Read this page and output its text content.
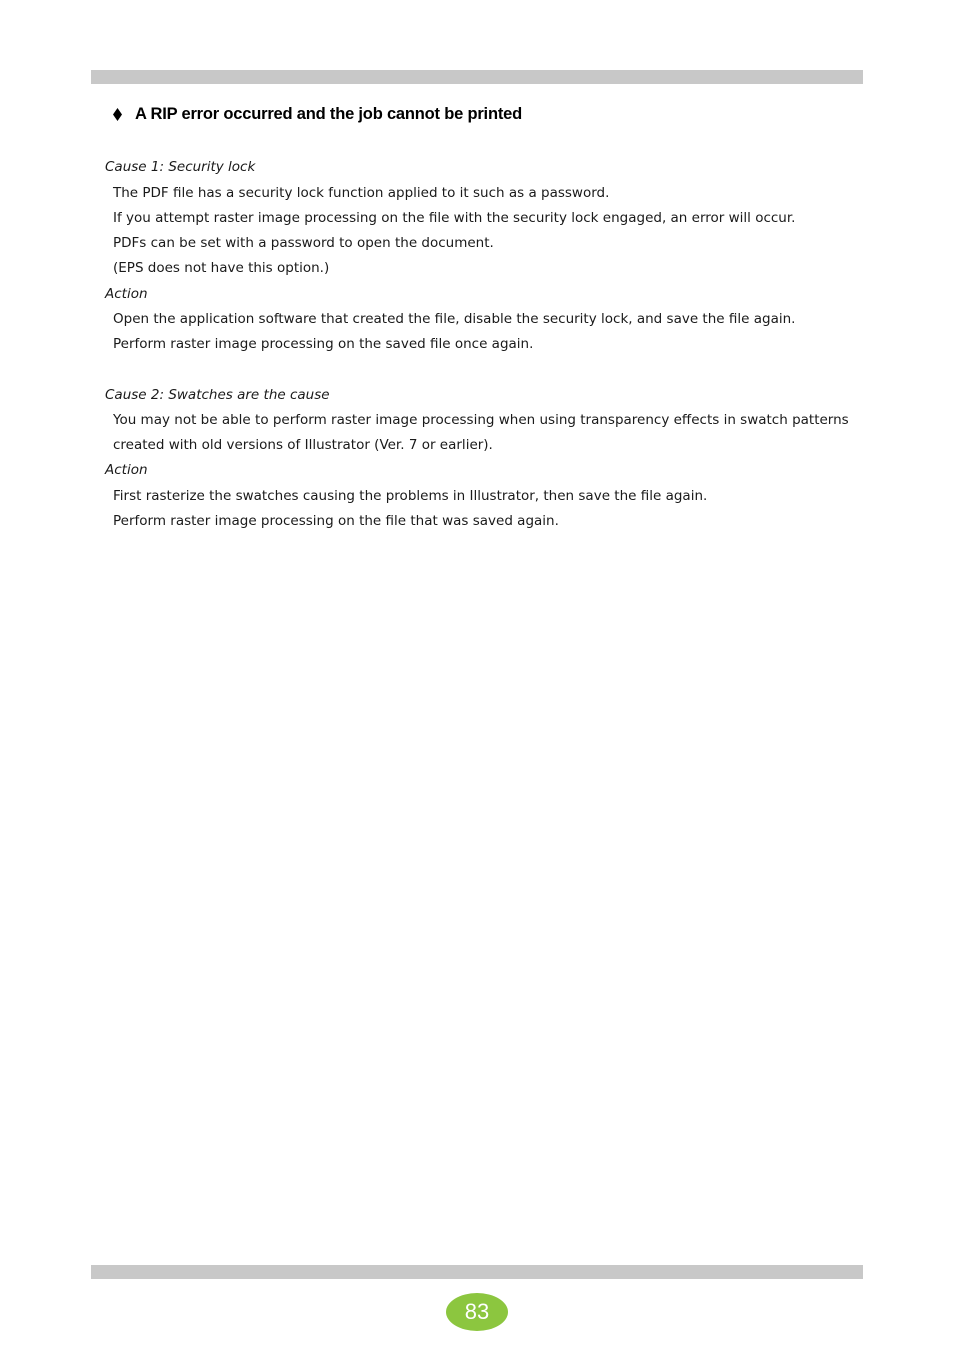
A RIP error occurred and the job cannot be printed
Cause 1: Security lock
The PDF file has a security lock function applied to it such as a password.
If you attempt raster image processing on the file with the security lock engaged, an error will occur.
PDFs can be set with a password to open the document.
(EPS does not have this option.)
Action
Open the application software that created the file, disable the security lock, and save the file again.
Perform raster image processing on the saved file once again.
Cause 2: Swatches are the cause
You may not be able to perform raster image processing when using transparency effects in swatch patterns
created with old versions of Illustrator (Ver. 7 or earlier).
Action
First rasterize the swatches causing the problems in Illustrator, then save the file again.
Perform raster image processing on the file that was saved again.
83
